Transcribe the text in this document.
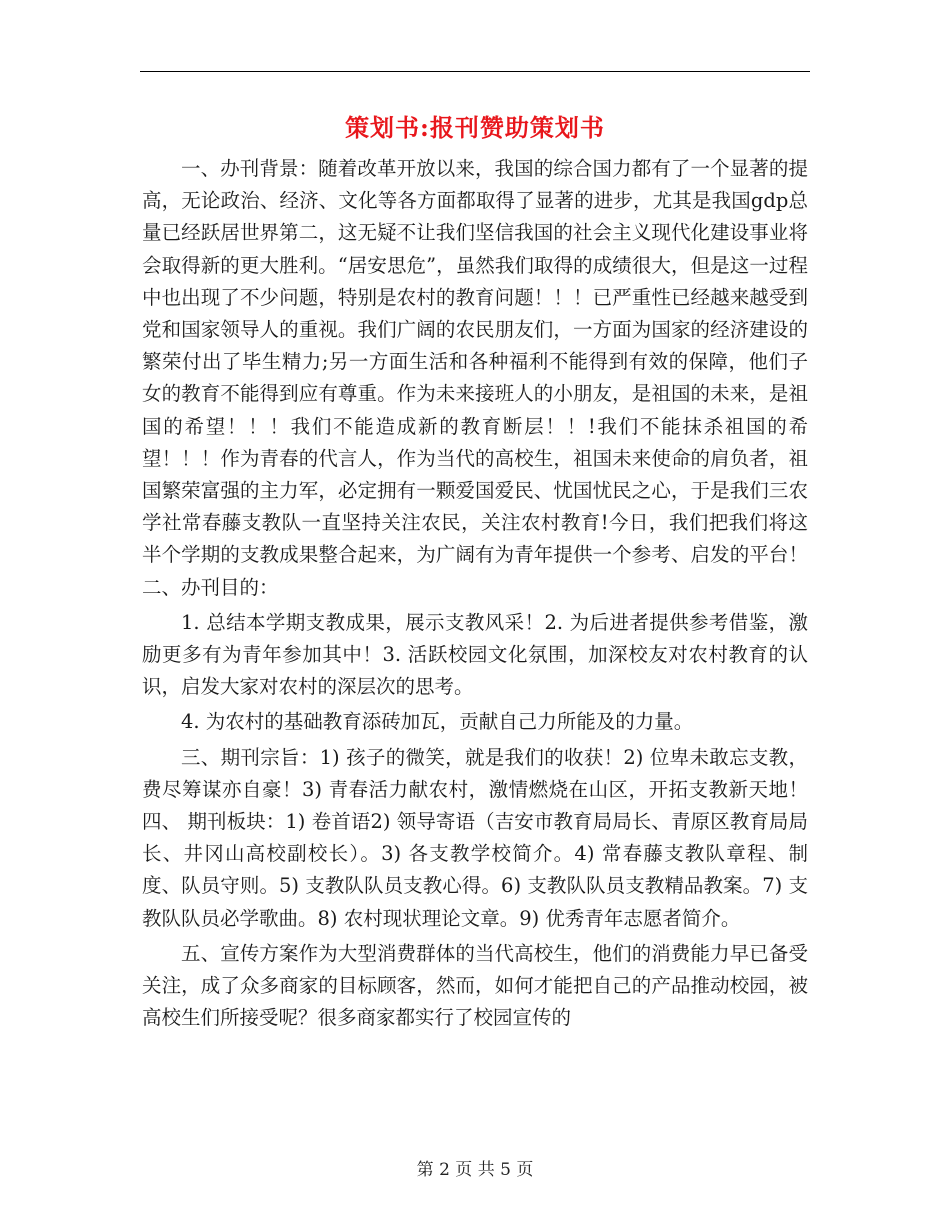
策划书:报刊赞助策划书

一、办刊背景：随着改革开放以来，我国的综合国力都有了一个显著的提高，无论政治、经济、文化等各方面都取得了显著的进步，尤其是我国gdp总量已经跃居世界第二，这无疑不让我们坚信我国的社会主义现代化建设事业将会取得新的更大胜利。“居安思危”，虽然我们取得的成绩很大，但是这一过程中也出现了不少问题，特别是农村的教育问题！！！已严重性已经越来越受到党和国家领导人的重视。我们广阔的农民朋友们，一方面为国家的经济建设的繁荣付出了毕生精力;另一方面生活和各种福利不能得到有效的保障，他们子女的教育不能得到应有尊重。作为未来接班人的小朋友，是祖国的未来，是祖国的希望！！！我们不能造成新的教育断层！！!我们不能抹杀祖国的希望！！！作为青春的代言人，作为当代的高校生，祖国未来使命的肩负者，祖国繁荣富强的主力军，必定拥有一颗爱国爱民、忧国忧民之心，于是我们三农学社常春藤支教队一直坚持关注农民，关注农村教育!今日，我们把我们将这半个学期的支教成果整合起来，为广阔有为青年提供一个参考、启发的平台！二、办刊目的：

1. 总结本学期支教成果，展示支教风采！2. 为后进者提供参考借鉴，激励更多有为青年参加其中！3. 活跃校园文化氛围，加深校友对农村教育的认识，启发大家对农村的深层次的思考。

4. 为农村的基础教育添砖加瓦，贡献自己力所能及的力量。

三、期刊宗旨：1) 孩子的微笑，就是我们的收获！2) 位卑未敢忘支教，费尽筹谋亦自豪！3) 青春活力献农村，激情燃烧在山区，开拓支教新天地！四、 期刊板块：1) 卷首语2) 领导寄语（吉安市教育局局长、青原区教育局局长、井冈山高校副校长）。3) 各支教学校简介。4) 常春藤支教队章程、制度、队员守则。5) 支教队队员支教心得。6) 支教队队员支教精品教案。7) 支教队队员必学歌曲。8) 农村现状理论文章。9) 优秀青年志愿者简介。

五、宣传方案作为大型消费群体的当代高校生，他们的消费能力早已备受关注，成了众多商家的目标顾客，然而，如何才能把自己的产品推动校园，被高校生们所接受呢？很多商家都实行了校园宣传的

第 2 页 共 5 页
